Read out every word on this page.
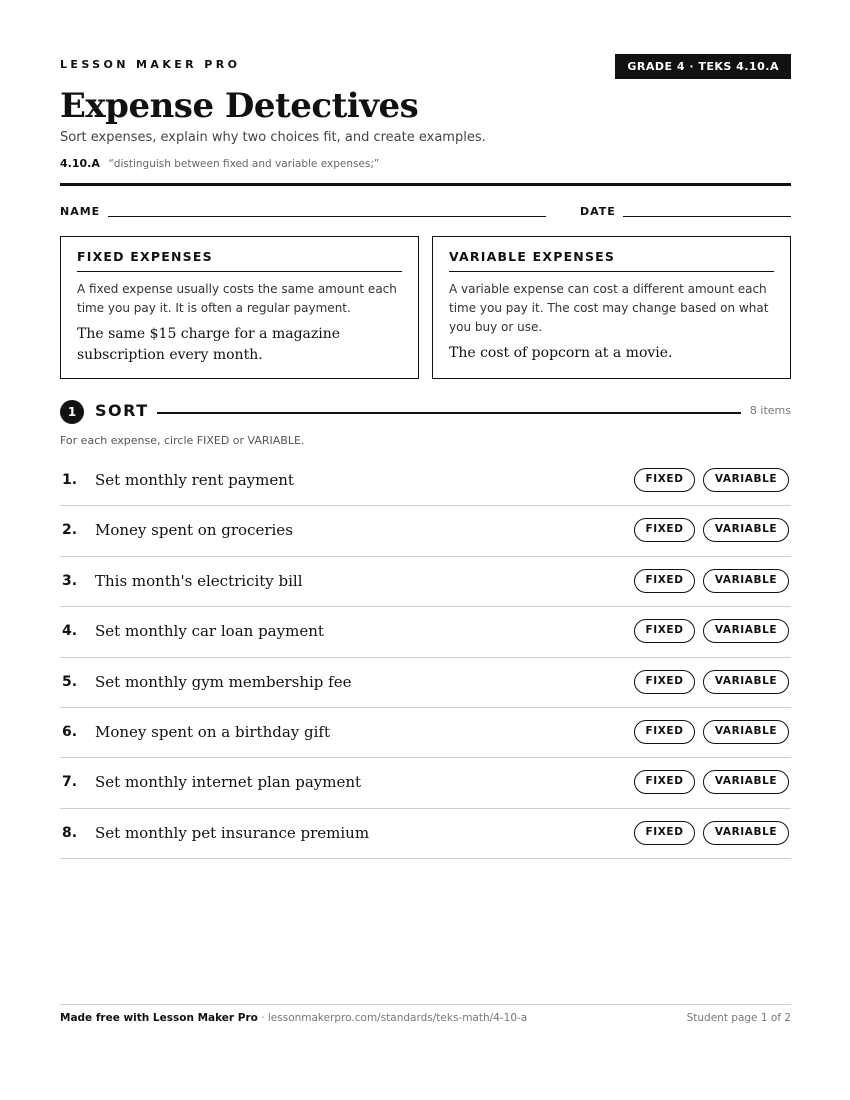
LESSON MAKER PRO	GRADE 4 · TEKS 4.10.A
Expense Detectives
Sort expenses, explain why two choices fit, and create examples.
4.10.A “distinguish between fixed and variable expenses;”
NAME	DATE
FIXED EXPENSES

A fixed expense usually costs the same amount each time you pay it. It is often a regular payment.

The same $15 charge for a magazine subscription every month.

VARIABLE EXPENSES

A variable expense can cost a different amount each time you pay it. The cost may change based on what you buy or use.

The cost of popcorn at a movie.

1	SORT	8 items
For each expense, circle FIXED or VARIABLE.
1. Set monthly rent payment	FIXED	VARIABLE
2. Money spent on groceries	FIXED	VARIABLE
3. This month's electricity bill	FIXED	VARIABLE
4. Set monthly car loan payment	FIXED	VARIABLE
5. Set monthly gym membership fee	FIXED	VARIABLE
6. Money spent on a birthday gift	FIXED	VARIABLE
7. Set monthly internet plan payment	FIXED	VARIABLE
8. Set monthly pet insurance premium	FIXED	VARIABLE
Made free with Lesson Maker Pro · lessonmakerpro.com/standards/teks-math/4-10-a	Student page 1 of 2
